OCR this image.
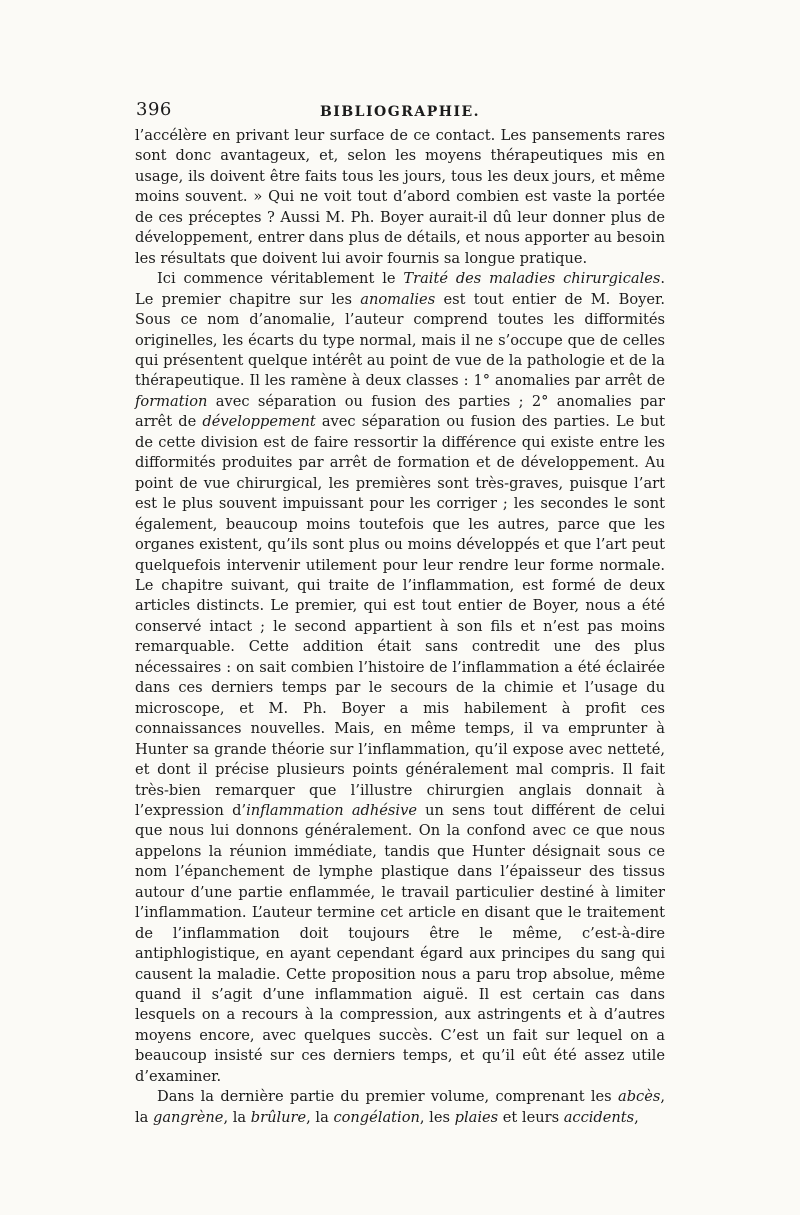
396	BIBLIOGRAPHIE.

l’accélère en privant leur surface de ce contact. Les pansements rares sont donc avantageux, et, selon les moyens thérapeutiques mis en usage, ils doivent être faits tous les jours, tous les deux jours, et même moins souvent. » Qui ne voit tout d’abord combien est vaste la portée de ces préceptes ? Aussi M. Ph. Boyer aurait-il dû leur donner plus de développement, entrer dans plus de détails, et nous apporter au besoin les résultats que doivent lui avoir fournis sa longue pratique.

Ici commence véritablement le Traité des maladies chirurgicales. Le premier chapitre sur les anomalies est tout entier de M. Boyer. Sous ce nom d’anomalie, l’auteur comprend toutes les difformités originelles, les écarts du type normal, mais il ne s’occupe que de celles qui présentent quelque intérêt au point de vue de la pathologie et de la thérapeutique. Il les ramène à deux classes : 1° anomalies par arrêt de formation avec séparation ou fusion des parties ; 2° anomalies par arrêt de développement avec séparation ou fusion des parties. Le but de cette division est de faire ressortir la différence qui existe entre les difformités produites par arrêt de formation et de développement. Au point de vue chirurgical, les premières sont très-graves, puisque l’art est le plus souvent impuissant pour les corriger ; les secondes le sont également, beaucoup moins toutefois que les autres, parce que les organes existent, qu’ils sont plus ou moins développés et que l’art peut quelquefois intervenir utilement pour leur rendre leur forme normale. Le chapitre suivant, qui traite de l’inflammation, est formé de deux articles distincts. Le premier, qui est tout entier de Boyer, nous a été conservé intact ; le second appartient à son fils et n’est pas moins remarquable. Cette addition était sans contredit une des plus nécessaires : on sait combien l’histoire de l’inflammation a été éclairée dans ces derniers temps par le secours de la chimie et l’usage du microscope, et M. Ph. Boyer a mis habilement à profit ces connaissances nouvelles. Mais, en même temps, il va emprunter à Hunter sa grande théorie sur l’inflammation, qu’il expose avec netteté, et dont il précise plusieurs points généralement mal compris. Il fait très-bien remarquer que l’illustre chirurgien anglais donnait à l’expression d’inflammation adhésive un sens tout différent de celui que nous lui donnons généralement. On la confond avec ce que nous appelons la réunion immédiate, tandis que Hunter désignait sous ce nom l’épanchement de lymphe plastique dans l’épaisseur des tissus autour d’une partie enflammée, le travail particulier destiné à limiter l’inflammation. L’auteur termine cet article en disant que le traitement de l’inflammation doit toujours être le même, c’est-à-dire antiphlogistique, en ayant cependant égard aux principes du sang qui causent la maladie. Cette proposition nous a paru trop absolue, même quand il s’agit d’une inflammation aiguë. Il est certain cas dans lesquels on a recours à la compression, aux astringents et à d’autres moyens encore, avec quelques succès. C’est un fait sur lequel on a beaucoup insisté sur ces derniers temps, et qu’il eût été assez utile d’examiner.

Dans la dernière partie du premier volume, comprenant les abcès, la gangrène, la brûlure, la congélation, les plaies et leurs accidents,
